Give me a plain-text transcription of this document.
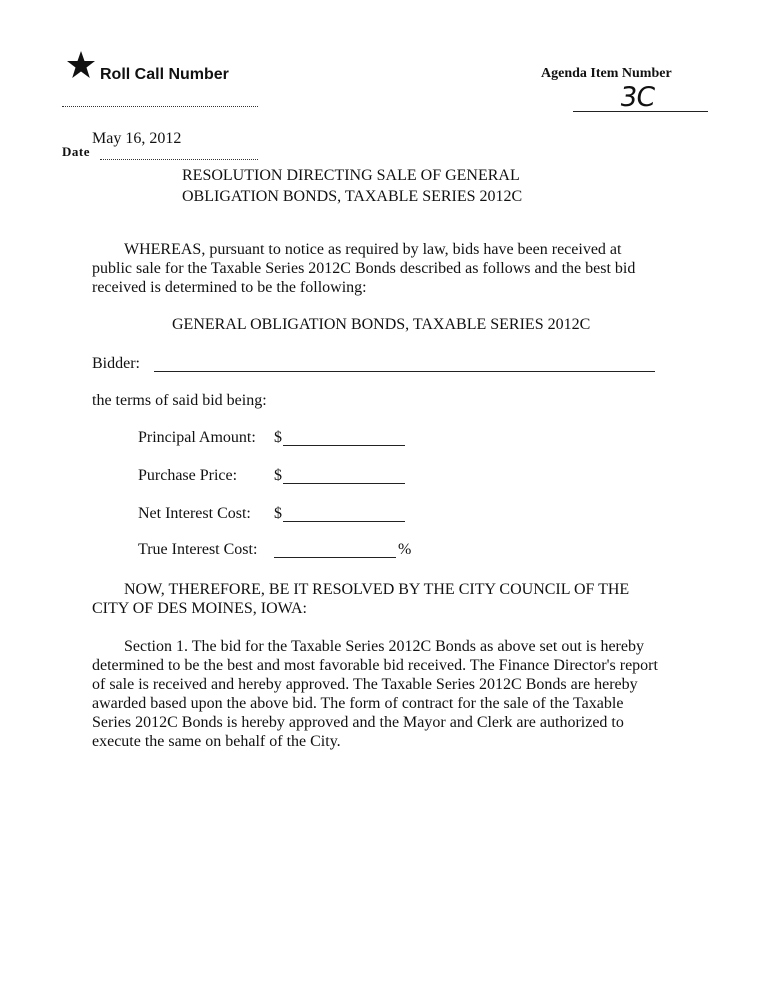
Roll Call Number	Agenda Item Number
3C
May 16, 2012
Date
RESOLUTION DIRECTING SALE OF GENERAL
OBLIGATION BONDS, TAXABLE SERIES 2012C
WHEREAS, pursuant to notice as required by law, bids have been received at
public sale for the Taxable Series 2012C Bonds described as follows and the best bid
received is determined to be the following:
GENERAL OBLIGATION BONDS, TAXABLE SERIES 2012C
Bidder:
the terms of said bid being:
Principal Amount: $
Purchase Price: $
Net Interest Cost: $
True Interest Cost:	%
NOW, THEREFORE, BE IT RESOLVED BY THE CITY COUNCIL OF THE
CITY OF DES MOINES, IOWA:
Section 1. The bid for the Taxable Series 2012C Bonds as above set out is hereby
determined to be the best and most favorable bid received. The Finance Director's report
of sale is received and hereby approved. The Taxable Series 2012C Bonds are hereby
awarded based upon the above bid. The form of contract for the sale of the Taxable
Series 2012C Bonds is hereby approved and the Mayor and Clerk are authorized to
execute the same on behalf of the City.
